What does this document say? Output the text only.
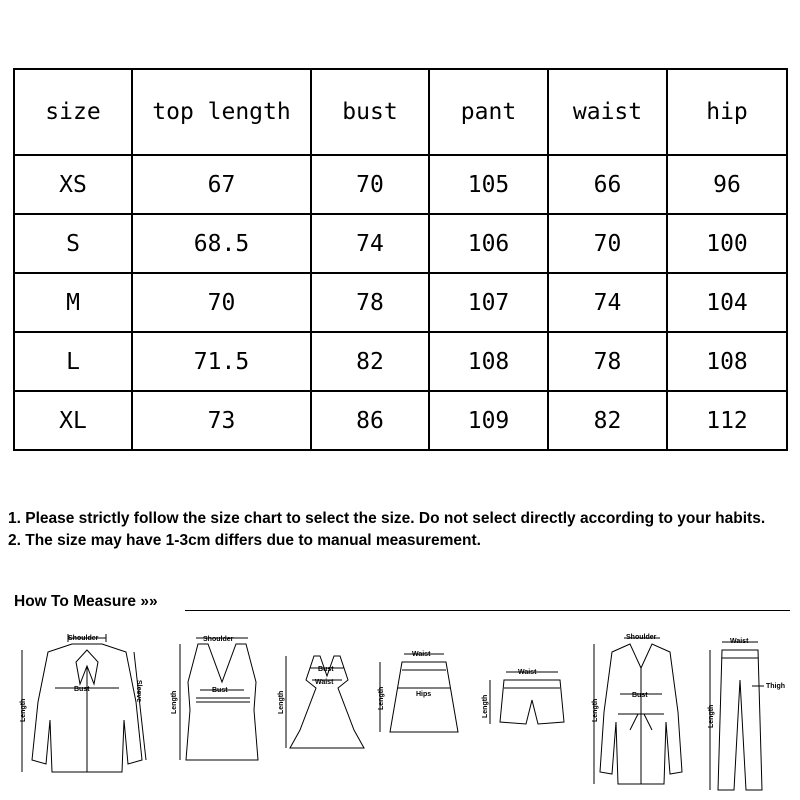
size	top length	bust	pant	waist	hip
XS	67	70	105	66	96
S	68.5	74	106	70	100
M	70	78	107	74	104
L	71.5	82	108	78	108
XL	73	86	109	82	112

1. Please strictly follow the size chart to select the size. Do not select directly according to your habits.

2. The size may have 1-3cm differs due to manual measurement.

How To Measure »»
Shoulder
Bust
Length
Sleeve
Shoulder
Bust
Length
Bust
Waist
Length
Waist
Hips
Length
Waist
Length
Shoulder
Bust
Length
Waist
Thigh
Length
